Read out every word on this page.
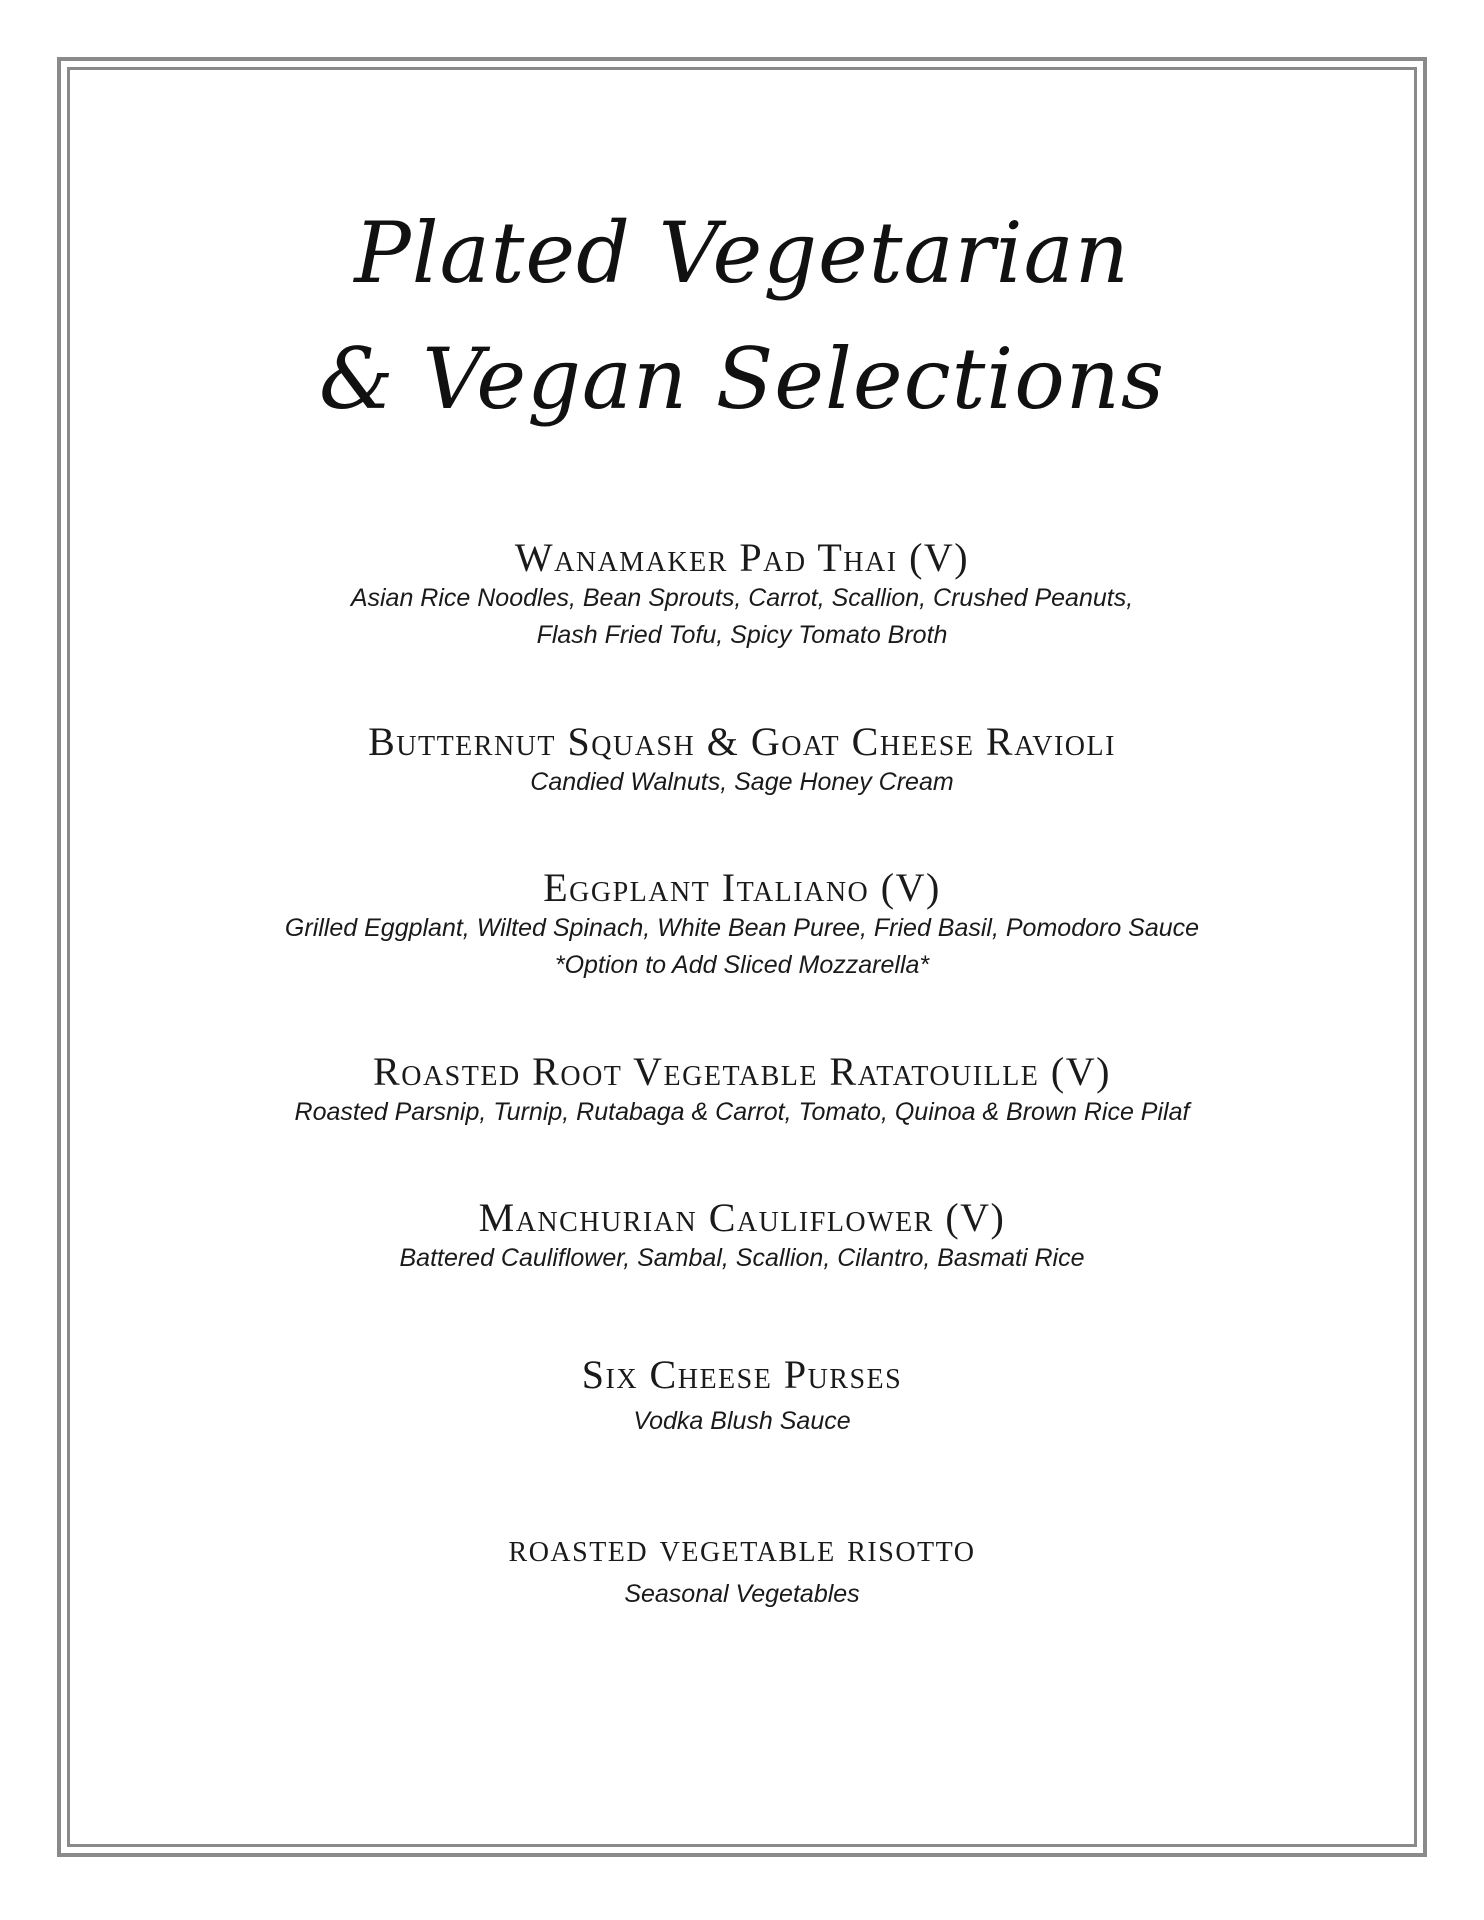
Plated Vegetarian
& Vegan Selections
Wanamaker Pad Thai (V)
Asian Rice Noodles, Bean Sprouts, Carrot, Scallion, Crushed Peanuts,
Flash Fried Tofu, Spicy Tomato Broth
Butternut Squash & Goat Cheese Ravioli
Candied Walnuts, Sage Honey Cream
Eggplant Italiano (V)
Grilled Eggplant, Wilted Spinach, White Bean Puree, Fried Basil, Pomodoro Sauce
*Option to Add Sliced Mozzarella*
Roasted Root Vegetable Ratatouille (V)
Roasted Parsnip, Turnip, Rutabaga & Carrot, Tomato, Quinoa & Brown Rice Pilaf
Manchurian Cauliflower (V)
Battered Cauliflower, Sambal, Scallion, Cilantro, Basmati Rice
Six Cheese Purses
Vodka Blush Sauce
roasted vegetable risotto
Seasonal Vegetables
